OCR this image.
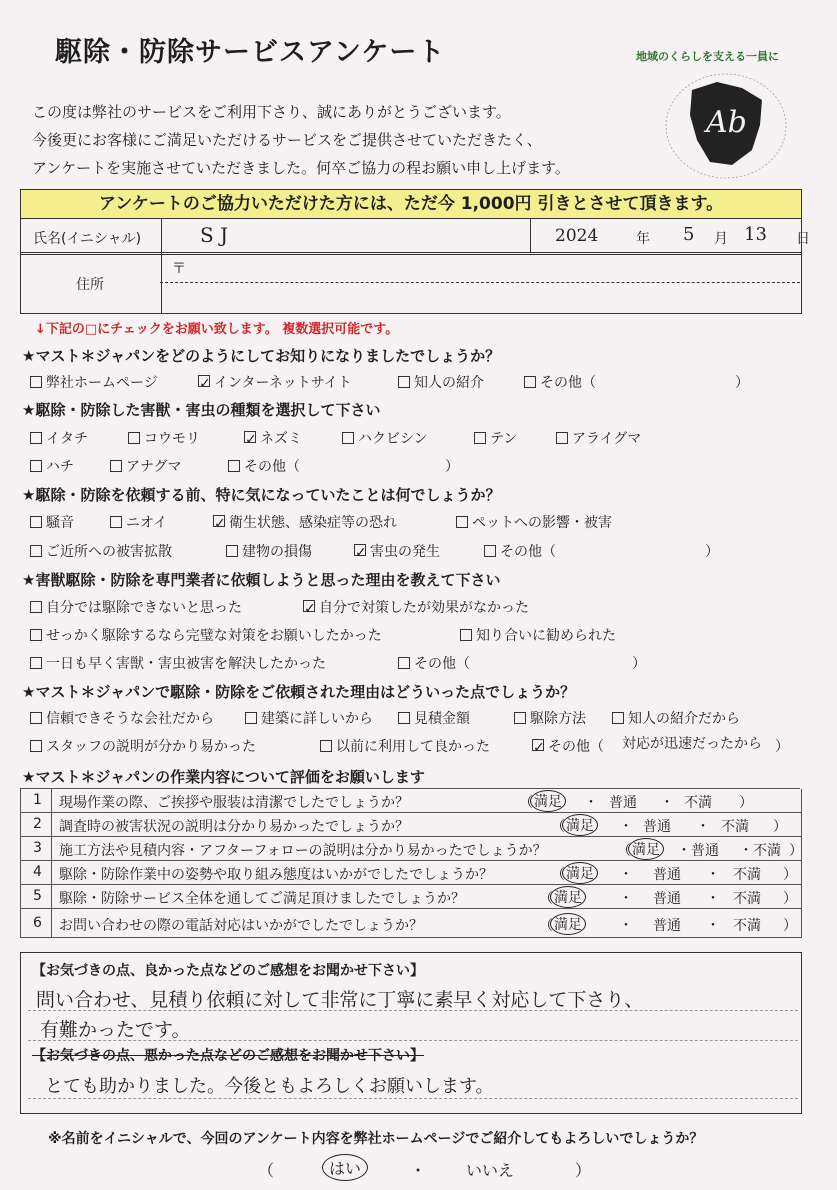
駆除・防除サービスアンケート
この度は弊社のサービスをご利用下さり、誠にありがとうございます。
今後更にお客様にご満足いただけるサービスをご提供させていただきたく、
アンケートを実施させていただきました。何卒ご協力の程お願い申し上げます。
地域のくらしを支える一員に
Ab
アンケートのご協力いただけた方には、ただ今 1,000円 引きとさせて頂きます。
氏名(イニシャル)	S J	2024	年 5 月 13 日
住所
〒
↓下記の□にチェックをお願い致します。 複数選択可能です。
★マスト＊ジャパンをどのようにしてお知りになりましたでしょうか？
弊社ホームページ	✓ インターネットサイト	知人の紹介	その他（	）
★駆除・防除した害獣・害虫の種類を選択して下さい
イタチ	コウモリ	✓ ネズミ	ハクビシン	テン	アライグマ
ハチ	アナグマ	その他（	）
★駆除・防除を依頼する前、特に気になっていたことは何でしょうか？
騒音	ニオイ	✓ 衛生状態、感染症等の恐れ	ペットへの影響・被害
ご近所への被害拡散	建物の損傷	✓ 害虫の発生	その他（	）
★害獣駆除・防除を専門業者に依頼しようと思った理由を教えて下さい
自分では駆除できないと思った	✓ 自分で対策したが効果がなかった
せっかく駆除するなら完璧な対策をお願いしたかった	知り合いに勧められた
一日も早く害獣・害虫被害を解決したかった	その他（	）
★マスト＊ジャパンで駆除・防除をご依頼された理由はどういった点でしょうか？
信頼できそうな会社だから	建築に詳しいから	見積金額	駆除方法	知人の紹介だから
スタッフの説明が分かり易かった	以前に利用して良かった	✓ その他（ 対応が迅速だったから ）
★マスト＊ジャパンの作業内容について評価をお願いします
1 現場作業の際、ご挨拶や服装は清潔でしたでしょうか？	（ 満足 ・ 普通 ・ 不満 ）
2 調査時の被害状況の説明は分かり易かったでしょうか？	（ 満足 ・ 普通 ・ 不満 ）
3 施工方法や見積内容・アフターフォローの説明は分かり易かったでしょうか？	（ 満足 ・ 普通 ・ 不満 ）
4 駆除・防除作業中の姿勢や取り組み態度はいかがでしたでしょうか？	（ 満足 ・ 普通 ・ 不満 ）
5 駆除・防除サービス全体を通してご満足頂けましたでしょうか？	（ 満足	・ 普通 ・ 不満 ）
6 お問い合わせの際の電話対応はいかがでしたでしょうか？	（ 満足	・ 普通 ・ 不満 ）
【お気づきの点、良かった点などのご感想をお聞かせ下さい】
問い合わせ、見積り依頼に対して非常に丁寧に素早く対応して下さり、
有難かったです。
【お気づきの点、悪かった点などのご感想をお聞かせ下さい】
とても助かりました。今後ともよろしくお願いします。
※名前をイニシャルで、今回のアンケート内容を弊社ホームページでご紹介してもよろしいでしょうか？
（	はい	・ いいえ	）
